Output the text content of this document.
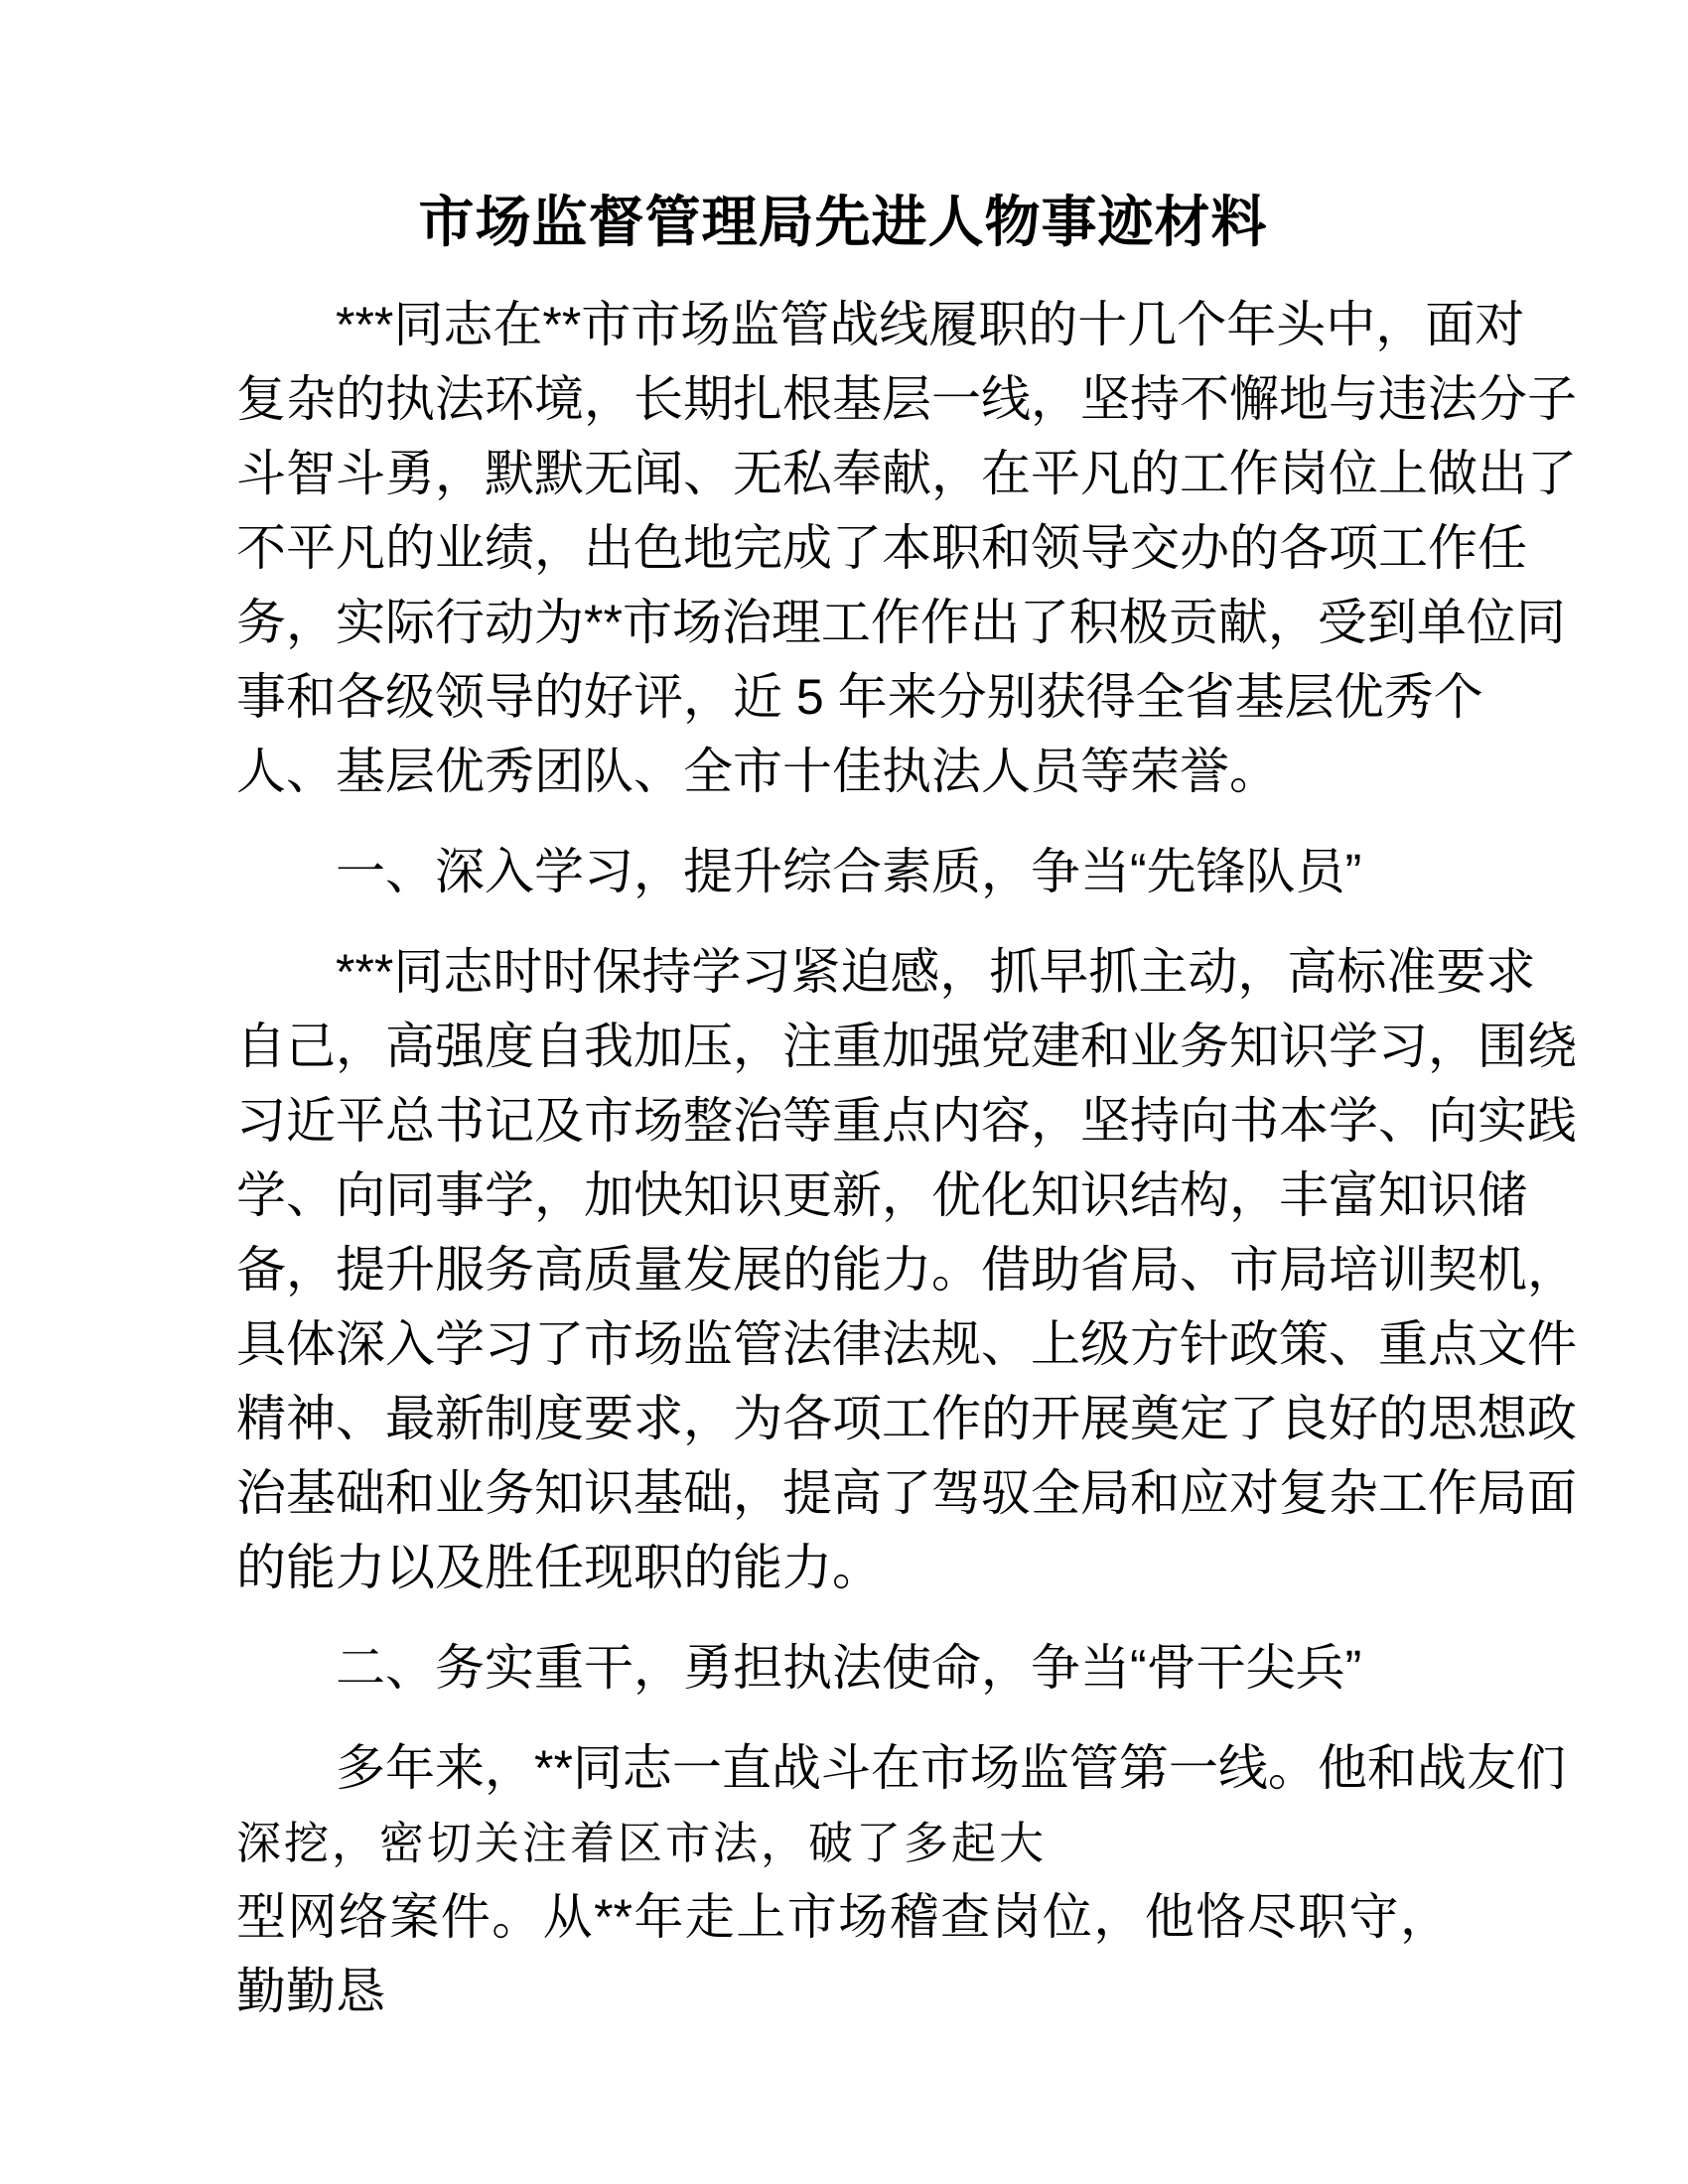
市场监督管理局先进人物事迹材料

***同志在**市市场监管战线履职的十几个年头中，面对
复杂的执法环境，长期扎根基层一线，坚持不懈地与违法分子
斗智斗勇，默默无闻、无私奉献，在平凡的工作岗位上做出了
不平凡的业绩，出色地完成了本职和领导交办的各项工作任
务，实际行动为**市场治理工作作出了积极贡献，受到单位同
事和各级领导的好评，近 5 年来分别获得全省基层优秀个
人、基层优秀团队、全市十佳执法人员等荣誉。

一、深入学习，提升综合素质，争当“先锋队员”

***同志时时保持学习紧迫感，抓早抓主动，高标准要求
自己，高强度自我加压，注重加强党建和业务知识学习，围绕
习近平总书记及市场整治等重点内容，坚持向书本学、向实践
学、向同事学，加快知识更新，优化知识结构，丰富知识储
备，提升服务高质量发展的能力。借助省局、市局培训契机，
具体深入学习了市场监管法律法规、上级方针政策、重点文件
精神、最新制度要求，为各项工作的开展奠定了良好的思想政
治基础和业务知识基础，提高了驾驭全局和应对复杂工作局面
的能力以及胜任现职的能力。

二、务实重干，勇担执法使命，争当“骨干尖兵”

多年来，**同志一直战斗在市场监管第一线。他和战友们
深挖，密切关注着区市法，破了多起大
型网络案件。从**年走上市场稽查岗位，他恪尽职守，勤勤恳
